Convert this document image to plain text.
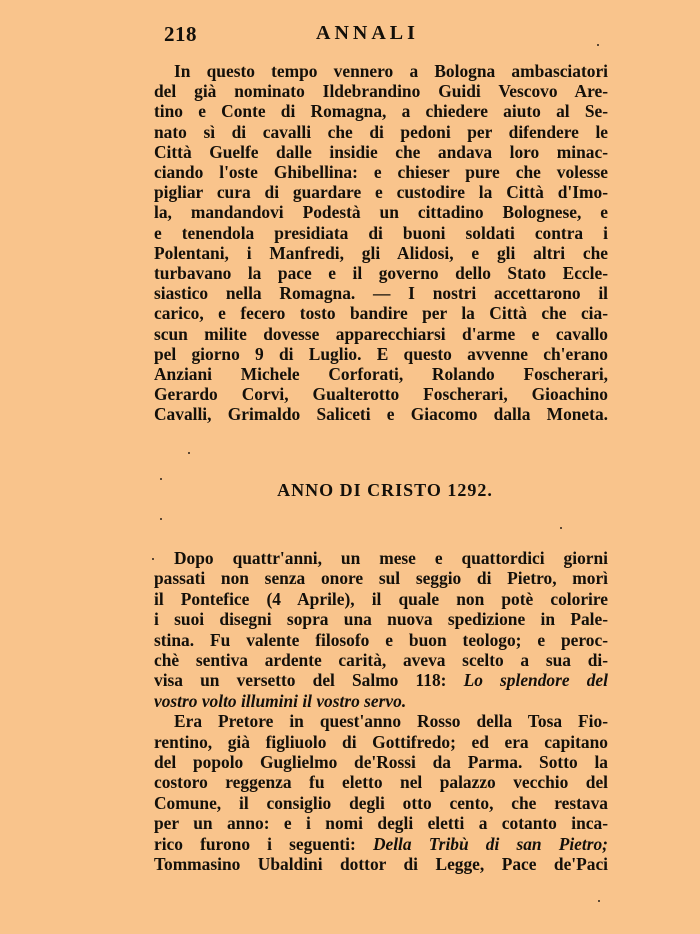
218	ANNALI
In questo tempo vennero a Bologna ambasciatori
del già nominato Ildebrandino Guidi Vescovo Are-
tino e Conte di Romagna, a chiedere aiuto al Se-
nato sì di cavalli che di pedoni per difendere le
Città Guelfe dalle insidie che andava loro minac-
ciando l'oste Ghibellina: e chieser pure che volesse
pigliar cura di guardare e custodire la Città d'Imo-
la, mandandovi Podestà un cittadino Bolognese, e
e tenendola presidiata di buoni soldati contra i
Polentani, i Manfredi, gli Alidosi, e gli altri che
turbavano la pace e il governo dello Stato Eccle-
siastico nella Romagna. — I nostri accettarono il
carico, e fecero tosto bandire per la Città che cia-
scun milite dovesse apparecchiarsi d'arme e cavallo
pel giorno 9 di Luglio. E questo avvenne ch'erano
Anziani Michele Corforati, Rolando Foscherari,
Gerardo Corvi, Gualterotto Foscherari, Gioachino
Cavalli, Grimaldo Saliceti e Giacomo dalla Moneta.
ANNO DI CRISTO 1292.
Dopo quattr'anni, un mese e quattordici giorni
passati non senza onore sul seggio di Pietro, morì
il Pontefice (4 Aprile), il quale non potè colorire
i suoi disegni sopra una nuova spedizione in Pale-
stina. Fu valente filosofo e buon teologo; e peroc-
chè sentiva ardente carità, aveva scelto a sua di-
visa un versetto del Salmo 118: Lo splendore del
vostro volto illumini il vostro servo.
Era Pretore in quest'anno Rosso della Tosa Fio-
rentino, già figliuolo di Gottifredo; ed era capitano
del popolo Guglielmo de'Rossi da Parma. Sotto la
costoro reggenza fu eletto nel palazzo vecchio del
Comune, il consiglio degli otto cento, che restava
per un anno: e i nomi degli eletti a cotanto inca-
rico furono i seguenti: Della Tribù di san Pietro;
Tommasino Ubaldini dottor di Legge, Pace de'Paci
